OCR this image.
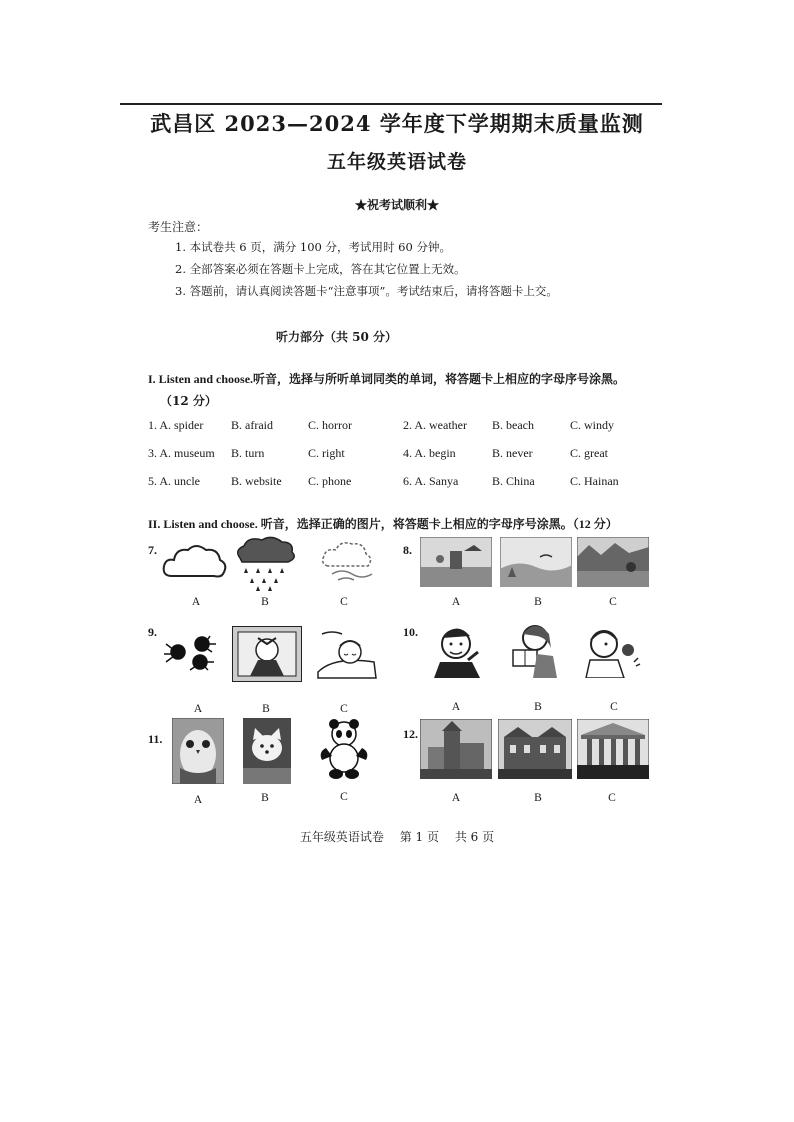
武昌区 2023—2024 学年度下学期期末质量监测
五年级英语试卷
★祝考试顺利★
考生注意：
1. 本试卷共 6 页，满分 100 分，考试用时 60 分钟。
2. 全部答案必须在答题卡上完成，答在其它位置上无效。
3. 答题前，请认真阅读答题卡“注意事项”。考试结束后，请将答题卡上交。
听力部分（共 50 分）
I. Listen and choose.听音，选择与所听单词同类的单词，将答题卡上相应的字母序号涂黑。
（12 分）
1. A. spider B. afraid	C. horror	2. A. weather B. beach	C. windy
3. A. museum B. turn	C. right	4. A. begin	B. never	C. great
5. A. uncle	B. website C. phone	6. A. Sanya	B. China	C. Hainan
II. Listen and choose. 听音，选择正确的图片，将答题卡上相应的字母序号涂黑。（12 分）
7.
A	B	C
8.
A	B	C
9.
A	B	C
10.
A	B	C
11.
A	B	C
12.
A	B	C
五年级英语试卷 第 1 页 共 6 页
